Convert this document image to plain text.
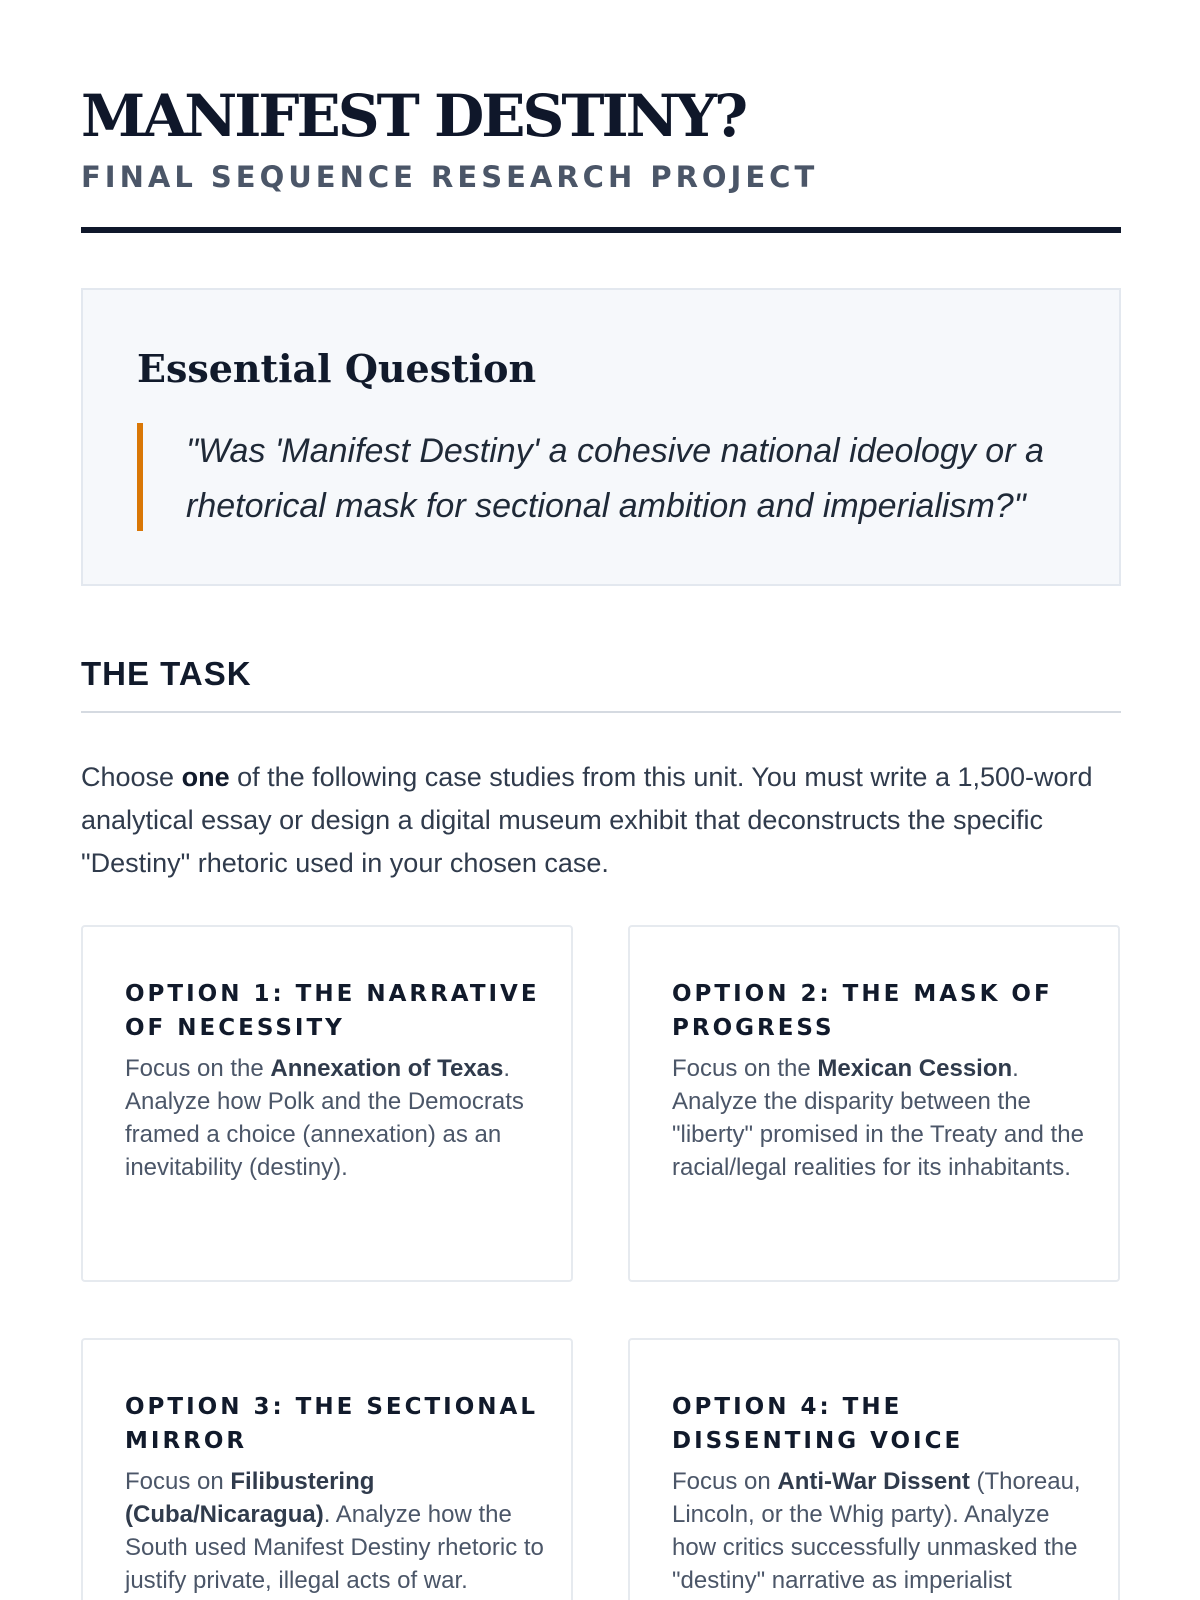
MANIFEST DESTINY?
FINAL SEQUENCE RESEARCH PROJECT
Essential Question
"Was 'Manifest Destiny' a cohesive national ideology or a rhetorical mask for sectional ambition and imperialism?"
THE TASK

Choose one of the following case studies from this unit. You must write a 1,500-word analytical essay or design a digital museum exhibit that deconstructs the specific "Destiny" rhetoric used in your chosen case.

OPTION 1: THE NARRATIVE OF NECESSITY

Focus on the Annexation of Texas. Analyze how Polk and the Democrats framed a choice (annexation) as an inevitability (destiny).

OPTION 2: THE MASK OF PROGRESS

Focus on the Mexican Cession. Analyze the disparity between the "liberty" promised in the Treaty and the racial/legal realities for its inhabitants.

OPTION 3: THE SECTIONAL MIRROR

Focus on Filibustering (Cuba/Nicaragua). Analyze how the South used Manifest Destiny rhetoric to justify private, illegal acts of war.

OPTION 4: THE DISSENTING VOICE

Focus on Anti-War Dissent (Thoreau, Lincoln, or the Whig party). Analyze how critics successfully unmasked the "destiny" narrative as imperialist
